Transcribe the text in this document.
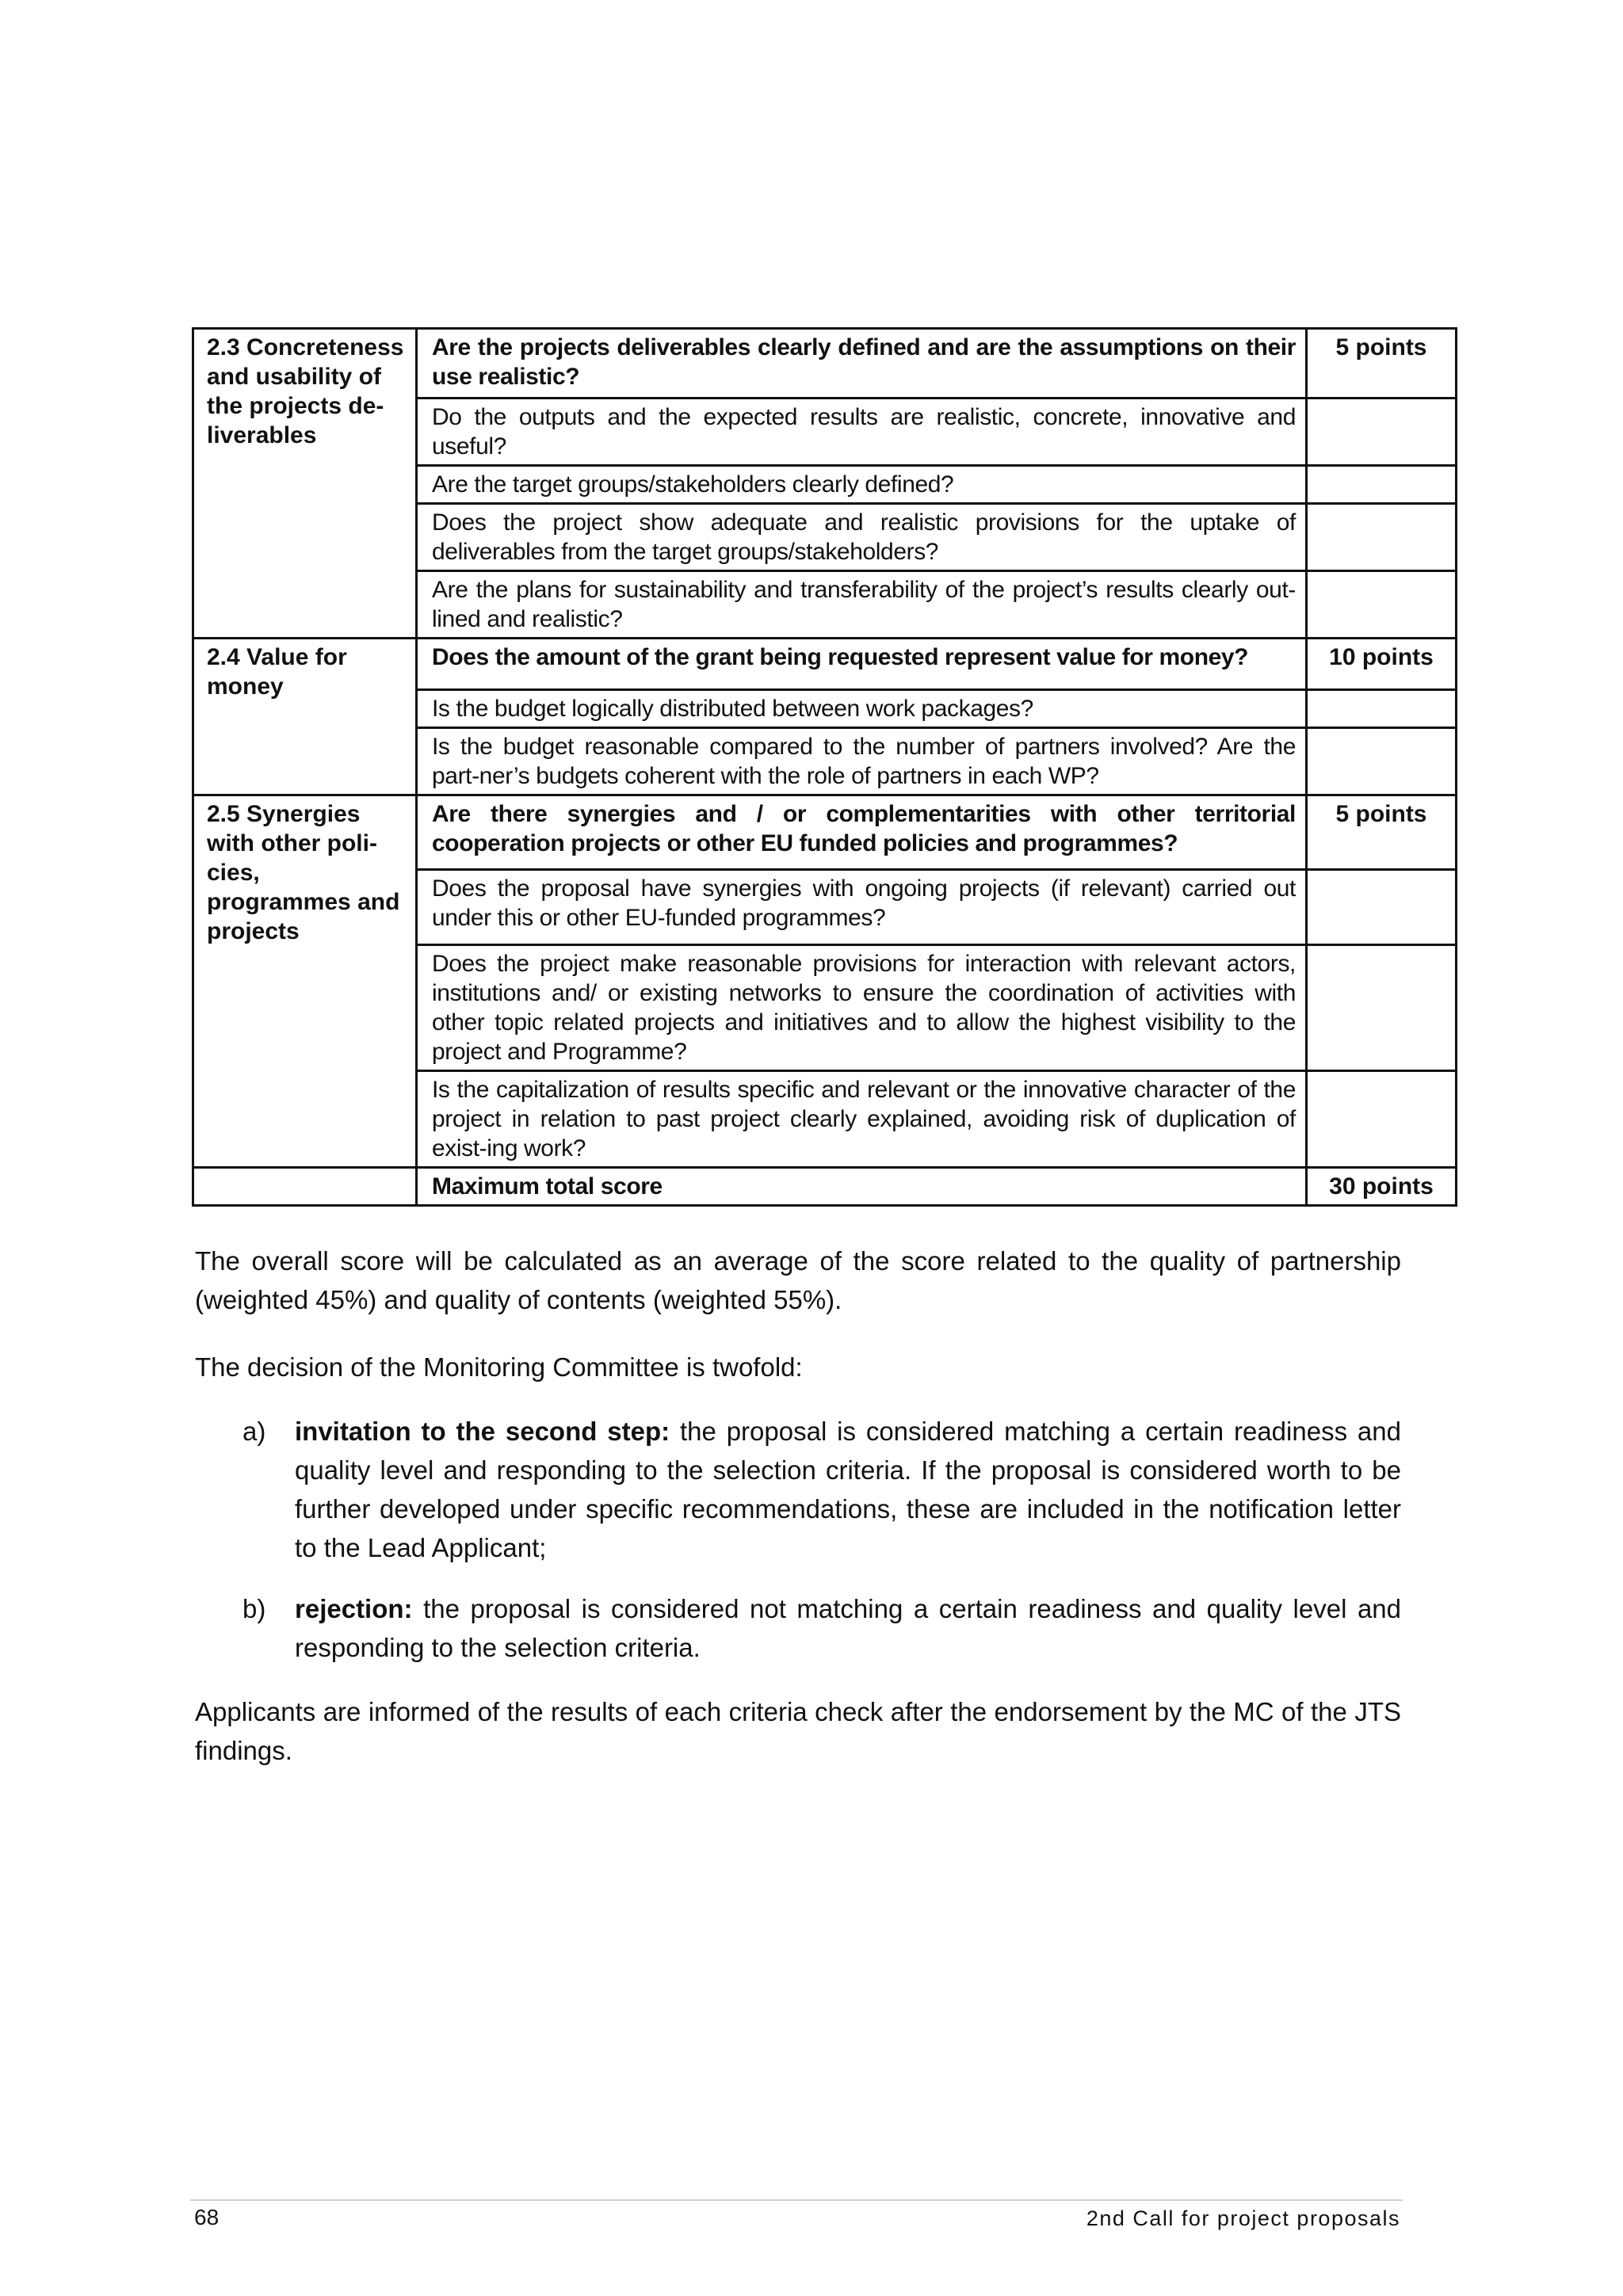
2.3 Concreteness and usability of the projects de-liverables	Are the projects deliverables clearly defined and are the assumptions on their use realistic?	5 points
	Do the outputs and the expected results are realistic, concrete, innovative and useful?	
	Are the target groups/stakeholders clearly defined?	
	Does the project show adequate and realistic provisions for the uptake of deliverables from the target groups/stakeholders?	
	Are the plans for sustainability and transferability of the project’s results clearly out-lined and realistic?	
2.4 Value for money	Does the amount of the grant being requested represent value for money?	10 points
	Is the budget logically distributed between work packages?	
	Is the budget reasonable compared to the number of partners involved? Are the part-ner’s budgets coherent with the role of partners in each WP?	
2.5 Synergies with other poli-cies, programmes and projects	Are there synergies and / or complementarities with other territorial cooperation projects or other EU funded policies and programmes?	5 points
	Does the proposal have synergies with ongoing projects (if relevant) carried out under this or other EU-funded programmes?	
	Does the project make reasonable provisions for interaction with relevant actors, institutions and/ or existing networks to ensure the coordination of activities with other topic related projects and initiatives and to allow the highest visibility to the project and Programme?	
	Is the capitalization of results specific and relevant or the innovative character of the project in relation to past project clearly explained, avoiding risk of duplication of exist-ing work?	
	Maximum total score	30 points

The overall score will be calculated as an average of the score related to the quality of partnership (weighted 45%) and quality of contents (weighted 55%).

The decision of the Monitoring Committee is twofold:

a) invitation to the second step: the proposal is considered matching a certain readiness and quality level and responding to the selection criteria. If the proposal is considered worth to be further developed under specific recommendations, these are included in the notification letter to the Lead Applicant;
b) rejection: the proposal is considered not matching a certain readiness and quality level and responding to the selection criteria.

Applicants are informed of the results of each criteria check after the endorsement by the MC of the JTS findings.

68	2nd Call for project proposals
